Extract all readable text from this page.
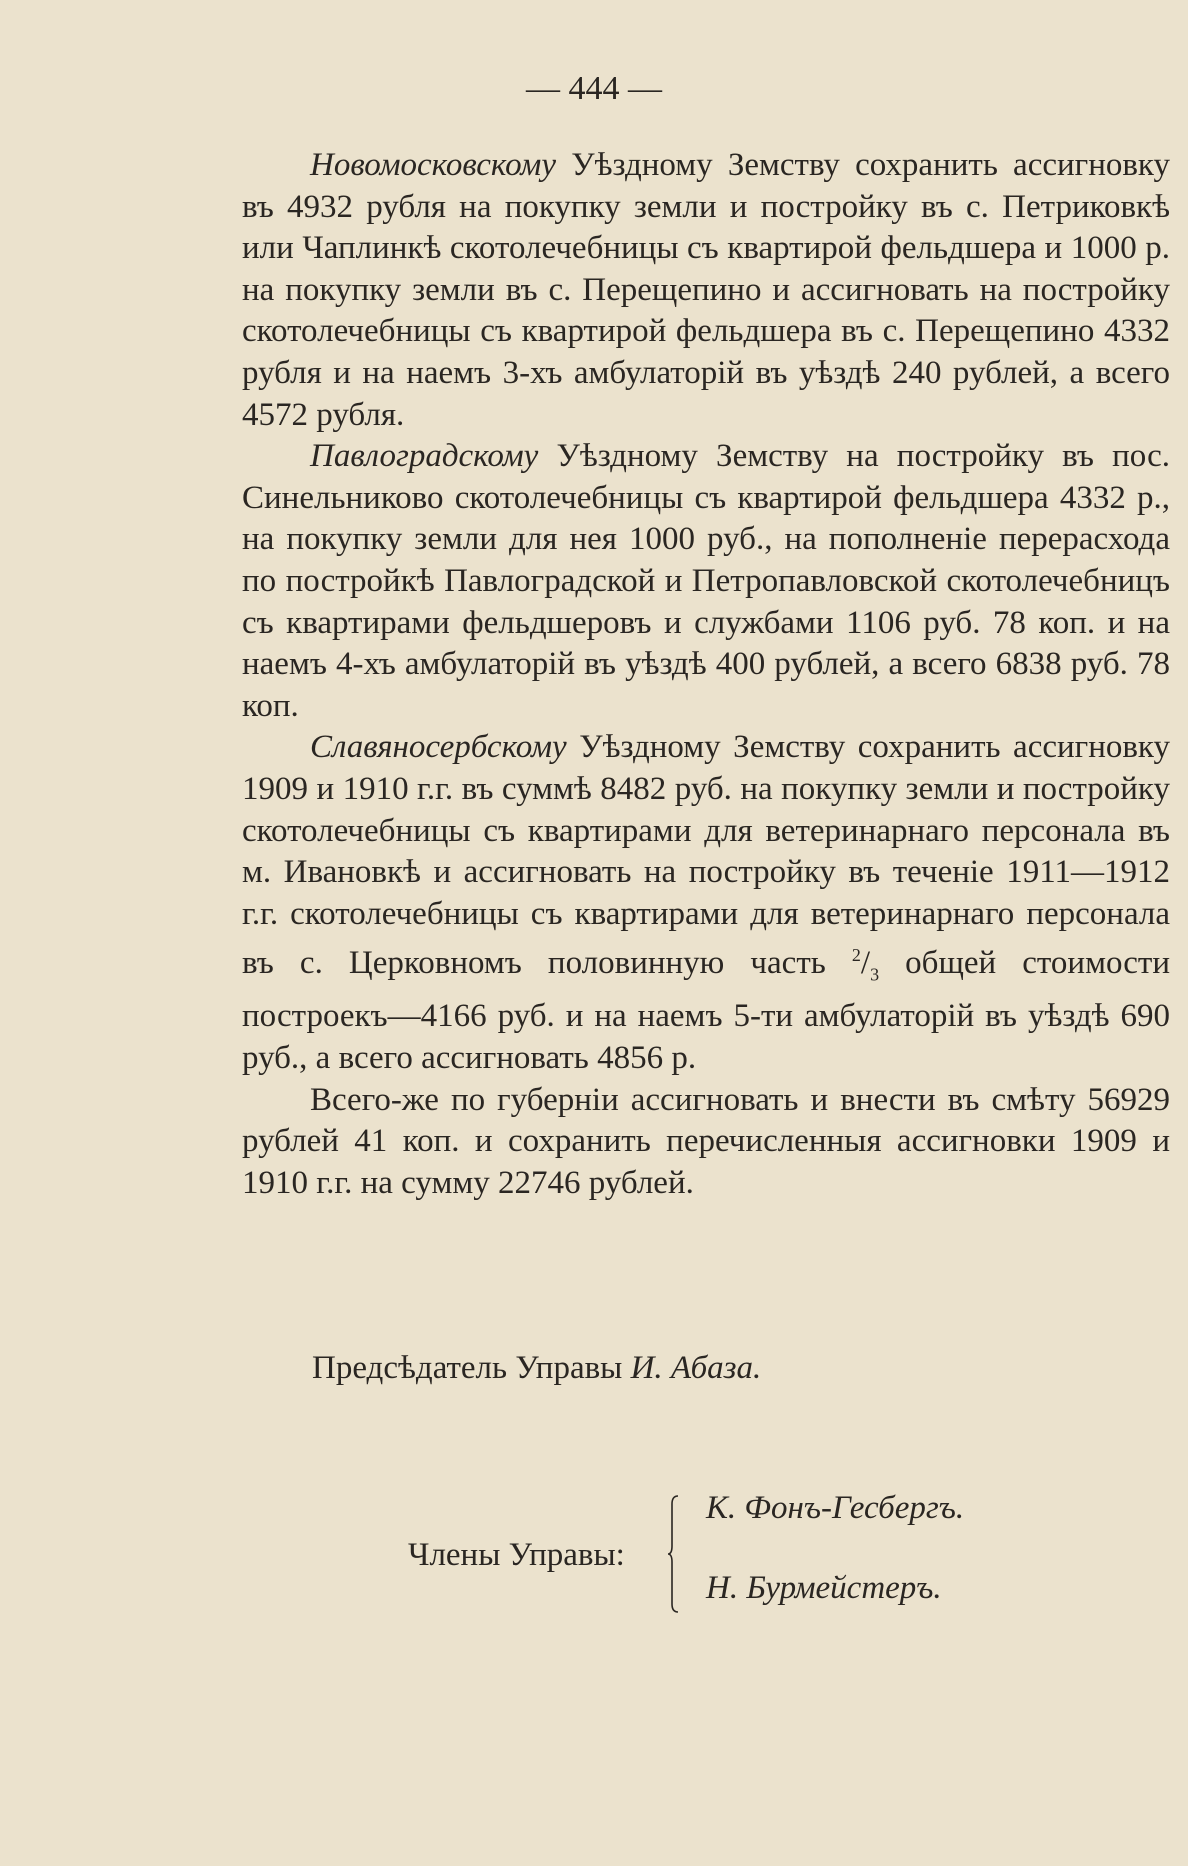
— 444 —

Новомосковскому Уѣздному Земству сохранить ассигновку въ 4932 рубля на покупку земли и постройку въ с. Петриковкѣ или Чаплинкѣ скотолечебницы съ квартирой фельдшера и 1000 р. на покупку земли въ с. Перещепино и ассигновать на постройку скотолечебницы съ квартирой фельдшера въ с. Перещепино 4332 рубля и на наемъ 3-хъ амбулаторій въ уѣздѣ 240 рублей, а всего 4572 рубля.

Павлоградскому Уѣздному Земству на постройку въ пос. Синельниково скотолечебницы съ квартирой фельдшера 4332 р., на покупку земли для нея 1000 руб., на пополненіе перерасхода по постройкѣ Павлоградской и Петропавловской скотолечебницъ съ квартирами фельдшеровъ и службами 1106 руб. 78 коп. и на наемъ 4-хъ амбулаторій въ уѣздѣ 400 рублей, а всего 6838 руб. 78 коп.

Славяносербскому Уѣздному Земству сохранить ассигновку 1909 и 1910 г.г. въ суммѣ 8482 руб. на покупку земли и постройку скотолечебницы съ квартирами для ветеринарнаго персонала въ м. Ивановкѣ и ассигновать на постройку въ теченіе 1911—1912 г.г. скотолечебницы съ квартирами для ветеринарнаго персонала въ с. Церковномъ половинную часть $^2/_3$ общей стоимости построекъ—4166 руб. и на наемъ 5-ти амбулаторій въ уѣздѣ 690 руб., а всего ассигновать 4856 р.

Всего-же по губерніи ассигновать и внести въ смѣту 56929 рублей 41 коп. и сохранить перечисленныя ассигновки 1909 и 1910 г.г. на сумму 22746 рублей.

Предсѣдатель Управы И. Абаза.
Члены Управы:
К. Фонъ-Гесбергъ.
Н. Бурмейстеръ.
